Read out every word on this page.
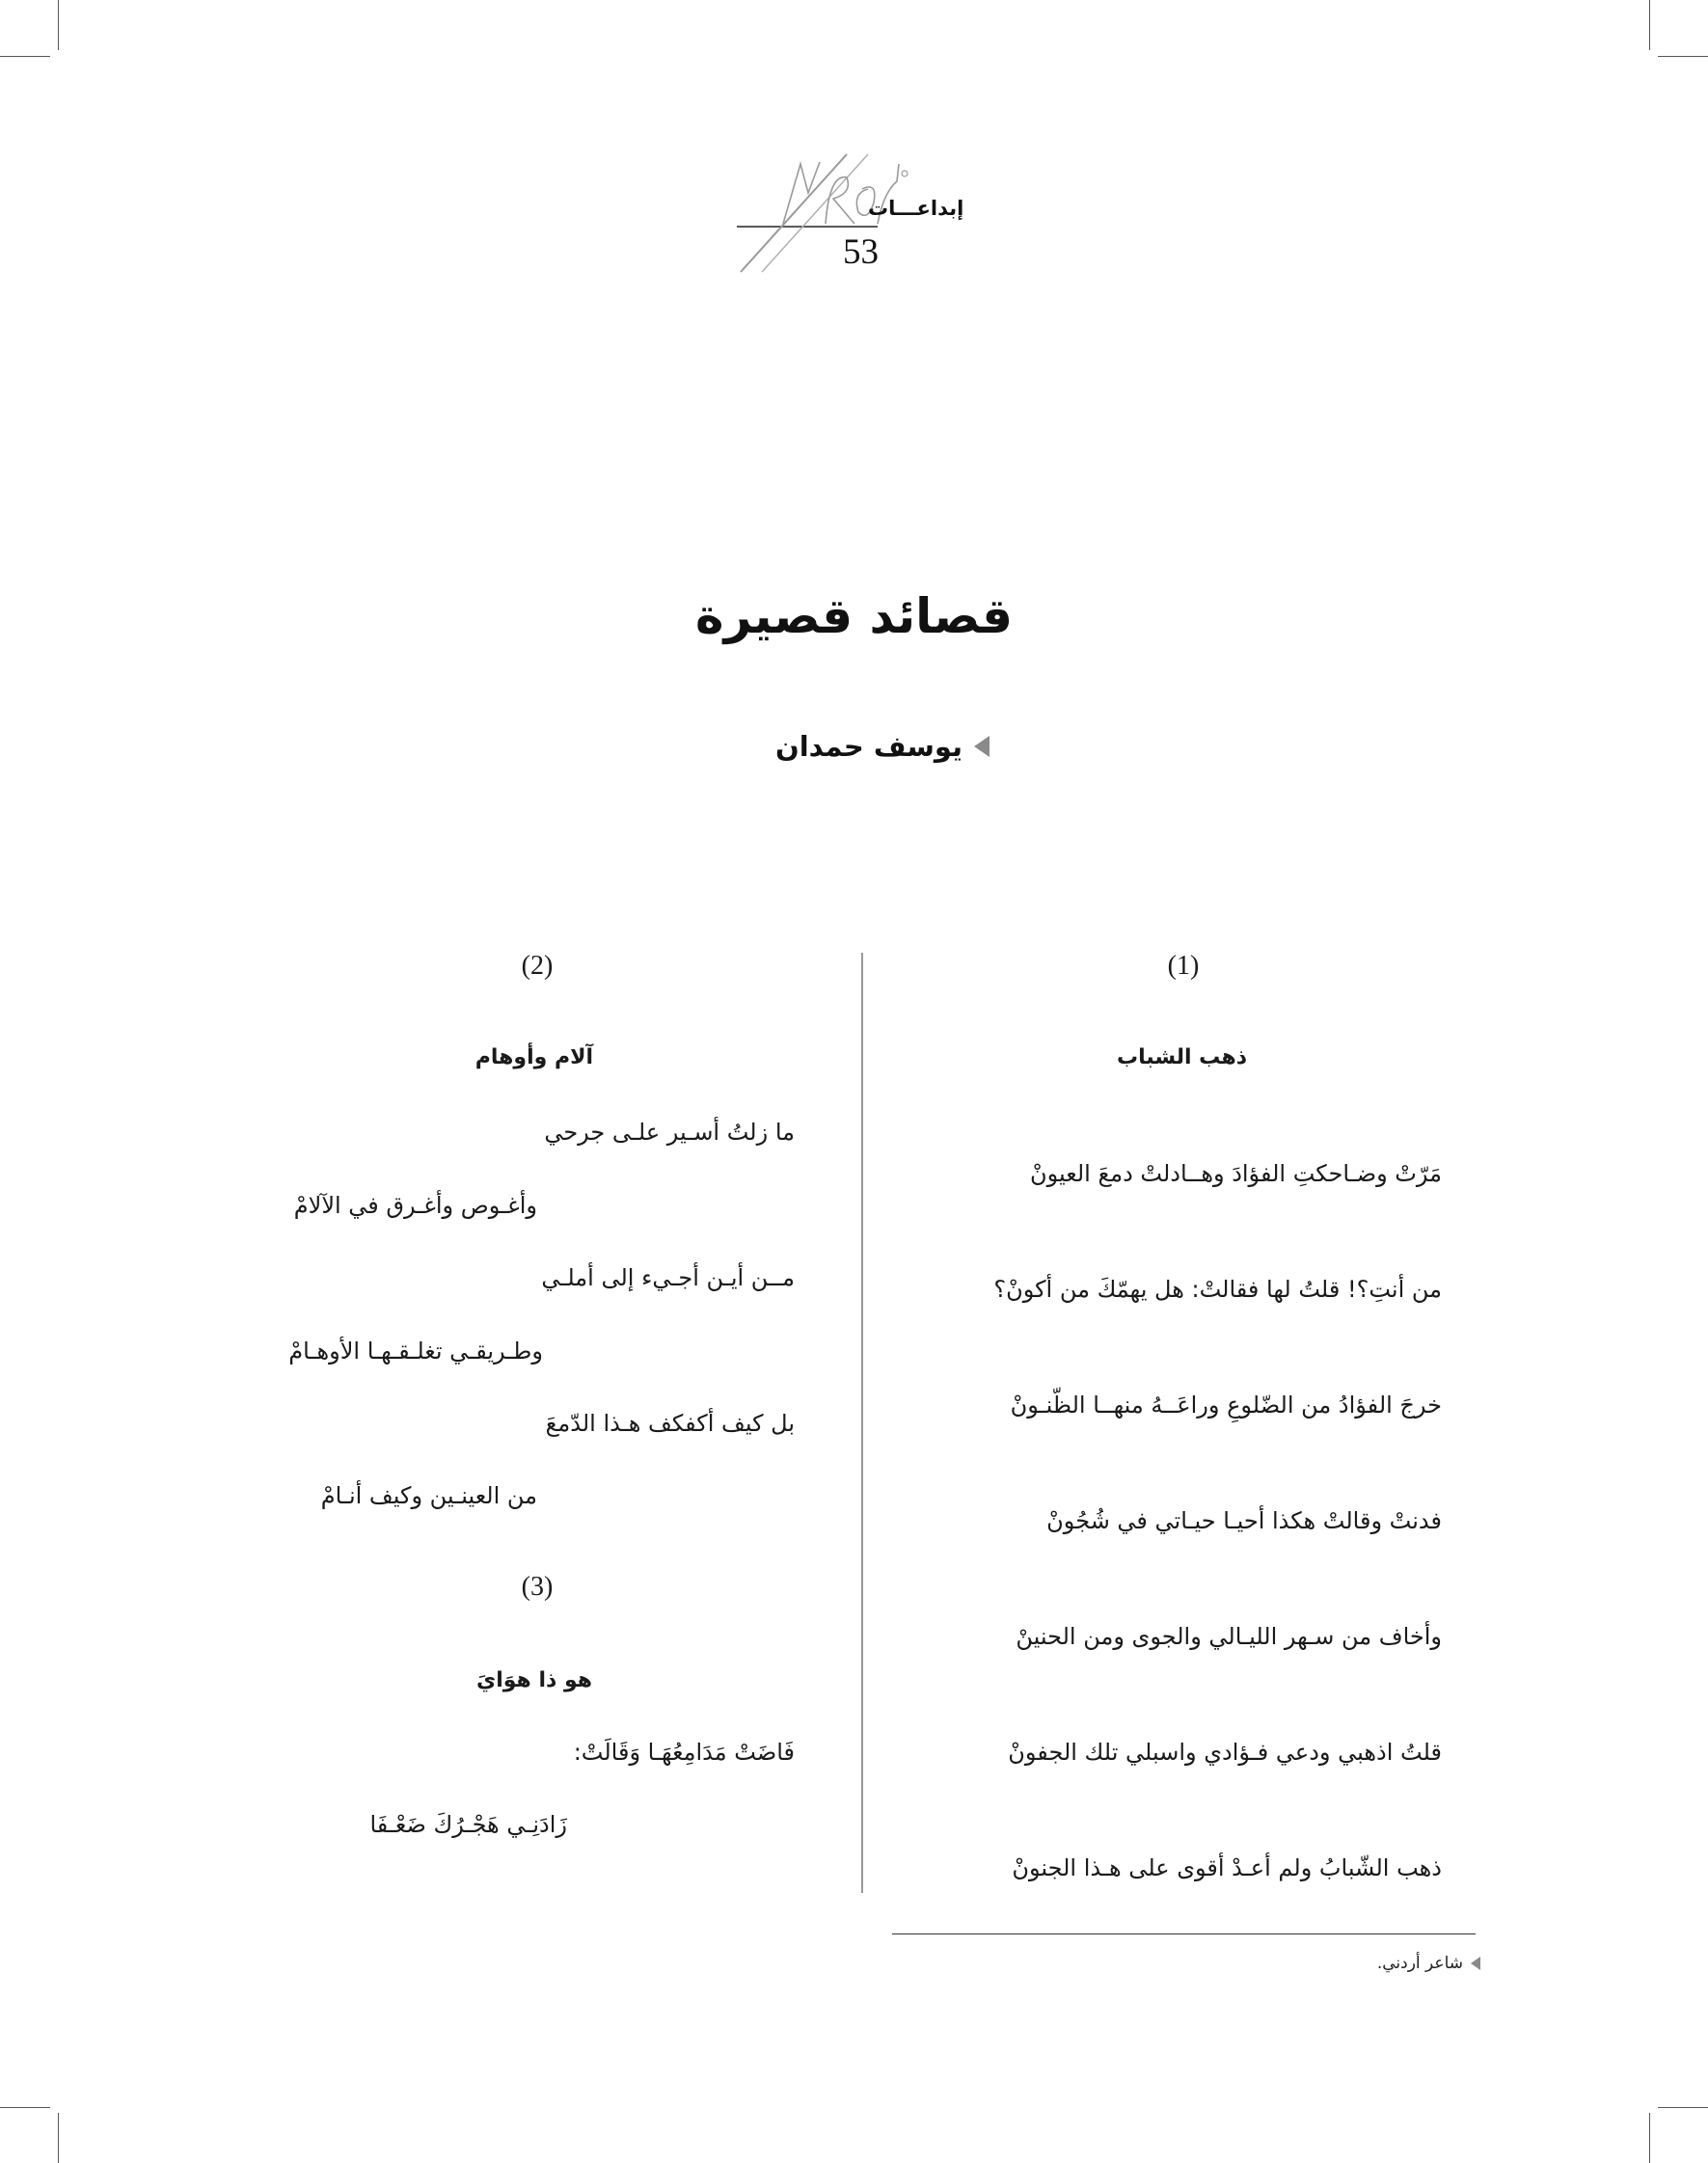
إبداعـــات
53
قصائد قصيرة
يوسف حمدان
(1)
ذهب الشباب
مَرّتْ وضـاحكتِ الفؤادَ وهــادلتْ دمعَ العيونْ
من أنتِ؟! قلتُ لها فقالتْ: هل يهمّكَ من أكونْ؟
خرجَ الفؤادُ من الضّلوعِ وراعَــهُ منهــا الظّنـونْ
فدنتْ وقالتْ هكذا أحيـا حيـاتي في شُجُونْ
وأخاف من سـهر الليـالي والجوى ومن الحنينْ
قلتُ اذهبي ودعي فـؤادي واسبلي تلك الجفونْ
ذهب الشّبابُ ولم أعـدْ أقوى على هـذا الجنونْ
(2)
آلام وأوهام
ما زلتُ أسـير علـى جرحي
وأغـوص وأغـرق في الآلامْ
مــن أيـن أجـيء إلى أملـي
وطـريقـي تغلـقـهـا الأوهـامْ
بل كيف أكفكف هـذا الدّمعَ
من العينـين وكيف أنـامْ
(3)
هو ذا هوَايَ
فَاضَتْ مَدَامِعُهَـا وَقَالَتْ:
زَادَنِـي هَجْـرُكَ ضَعْـفَا
شاعر أردني.
